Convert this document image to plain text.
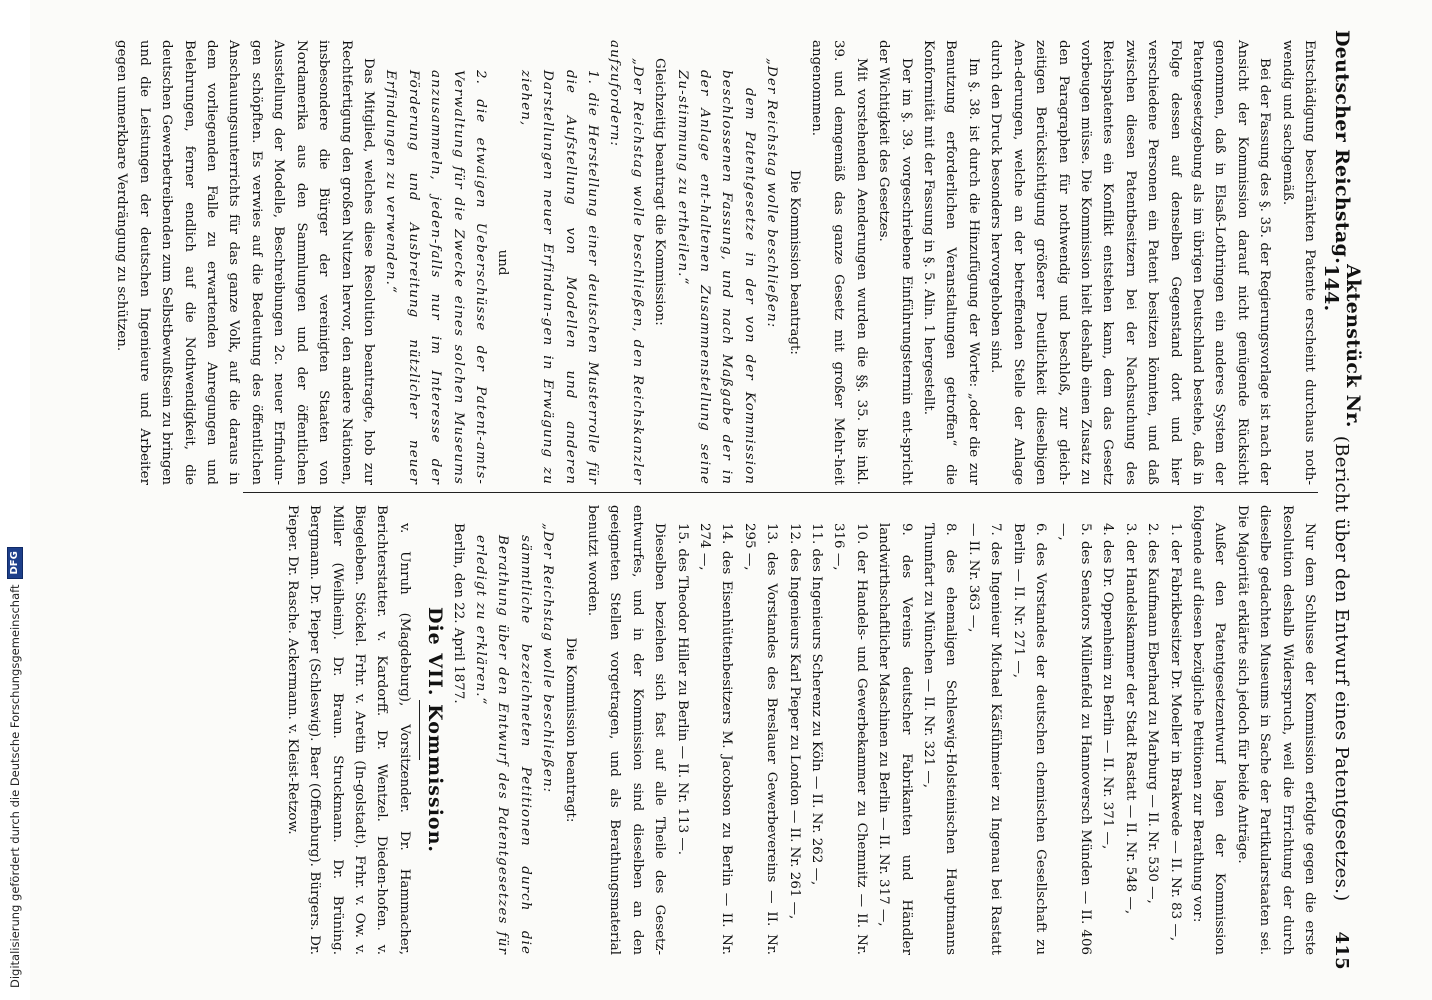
Deutscher Reichstag.
Aktenstück Nr. 144.
(Bericht über den Entwurf eines Patentgesetzes.) 415

Entschädigung beschränkten Patente erscheint durchaus noth-wendig und sachgemäß.

Bei der Fassung des §. 35. der Regierungsvorlage ist nach der Ansicht der Kommission darauf nicht genügende Rücksicht genommen, daß in Elsaß-Lothringen ein anderes System der Patentgesetzgebung als im übrigen Deutschland bestehe, daß in Folge dessen auf denselben Gegenstand dort und hier verschiedene Personen ein Patent besitzen könnten, und daß zwischen diesen Patentbesitzern bei der Nachsuchung des Reichspatentes ein Konflikt entstehen kann, dem das Gesetz vorbeugen müsse. Die Kommission hielt deshalb einen Zusatz zu den Paragraphen für nothwendig und beschloß, zur gleich-zeitigen Berücksichtigung größerer Deutlichkeit dieselbigen Aen-derungen, welche an der betreffenden Stelle der Anlage durch den Druck besonders hervorgehoben sind.

Im §. 38. ist durch die Hinzufügung der Worte: „oder die zur Benutzung erforderlichen Veranstaltungen getroffen“ die Konformität mit der Fassung in §. 5. Alin. 1 hergestellt.

Der im §. 39. vorgeschriebene Einführungstermin ent-spricht der Wichtigkeit des Gesetzes.

Mit vorstehenden Aenderungen wurden die §§. 35. bis inkl. 39. und demgemäß das ganze Gesetz mit großer Mehr-heit angenommen.

Die Kommission beantragt:

„Der Reichstag wolle beschließen:

dem Patentgesetze in der von der Kommission beschlossenen Fassung, und nach Maßgabe der in der Anlage ent-haltenen Zusammenstellung seine Zu-stimmung zu ertheilen.“

Gleichzeitig beantragt die Kommission:

„Der Reichstag wolle beschließen, den Reichskanzler aufzufordern:

1. die Herstellung einer deutschen Musterrolle für die Aufstellung von Modellen und anderen Darstellungen neuer Erfindun-gen in Erwägung zu ziehen,

und

2. die etwaigen Ueberschüsse der Patent-amts-Verwaltung für die Zwecke eines solchen Museums anzusammeln, jeden-falls nur im Interesse der Förderung und Ausbreitung nützlicher neuer Erfindungen zu verwenden.“

Das Mitglied, welches diese Resolution beantragte, hob zur Rechtfertigung den großen Nutzen hervor, den andere Nationen, insbesondere die Bürger der vereinigten Staaten von Nordamerika aus den Sammlungen und der öffentlichen Ausstellung der Modelle, Beschreibungen 2c. neuer Erfindun-gen schöpften. Es verwies auf die Bedeutung des öffentlichen Anschauungsunterrichts für das ganze Volk, auf die daraus in dem vorliegenden Falle zu erwartenden Anregungen und Belehrungen, ferner endlich auf die Nothwendigkeit, die deutschen Gewerbetreibenden zum Selbstbewußtsein zu bringen und die Leistungen der deutschen Ingenieure und Arbeiter gegen unmerkbare Verdrängung zu schützen.

Nur dem Schlusse der Kommission erfolgte gegen die erste Resolution deshalb Widerspruch, weil die Errichtung der durch dieselbe gedachten Museums in Sache der Partikularstaaten sei. Die Majorität erklärte sich jedoch für beide Anträge.

Außer den Patentgesetzentwurf lagen der Kommission folgende auf diesen bezügliche Petitionen zur Berathung vor:

1. der Fabrikbesitzer Dr. Moeller in Brakwede — II. Nr. 83 —,

2. des Kaufmann Eberhard zu Marburg — II. Nr. 530 —,

3. der Handelskammer der Stadt Rastatt — II. Nr. 548 —,

4. des Dr. Oppenheim zu Berlin — II. Nr. 371 —,

5. des Senators Müllenfeld zu Hannoversch Münden — II. 406 —,

6. des Vorstandes der deutschen chemischen Gesellschaft zu Berlin — II. Nr. 271 —,

7. des Ingenieur Michael Käsfühmeier zu Ingenau bei Rastatt — II. Nr. 363 —,

8. des ehemaligen Schleswig-Holsteinischen Hauptmanns Thumfart zu München — II. Nr. 321 —,

9. des Vereins deutscher Fabrikanten und Händler landwirthschaftlicher Maschinen zu Berlin — II. Nr. 317 —,

10. der Handels- und Gewerbekammer zu Chemnitz — II. Nr. 316 —,

11. des Ingenieurs Scherenz zu Köln — II. Nr. 262 —,

12. des Ingenieurs Karl Pieper zu London — II. Nr. 261 —,

13. des Vorstandes des Breslauer Gewerbevereins — II. Nr. 295 —,

14. des Eisenhüttenbesitzers M. Jacobson zu Berlin — II. Nr. 274 —,

15. des Theodor Hiller zu Berlin — II. Nr. 113 —.

Dieselben beziehen sich fast auf alle Theile des Gesetz-entwurfes, und in der Kommission sind dieselben an den geeigneten Stellen vorgetragen, und als Berathungsmaterial benutzt worden.

Die Kommission beantragt:

„Der Reichstag wolle beschließen:

sämmtliche bezeichneten Petitionen durch die Berathung über den Entwurf des Patentgesetzes für erledigt zu erklären.“

Berlin, den 22. April 1877.

Die VII. Kommission.

v. Unruh (Magdeburg), Vorsitzender. Dr. Hammacher, Berichterstatter. v. Kardorff. Dr. Wentzel. Dieden-hofen. v. Biegeleben. Stöckel. Frhr. v. Aretin (In-golstadt). Frhr. v. Ow. v. Miller (Weilheim). Dr. Braun. Struckmann. Dr. Brüning. Bergmann. Dr. Pieper (Schleswig). Baer (Offenburg). Bürgers. Dr. Pieper. Dr. Rasche. Ackermann. v. Kleist-Retzow.

Digitalisierung gefördert durch die Deutsche Forschungsgemeinschaft
DFG
